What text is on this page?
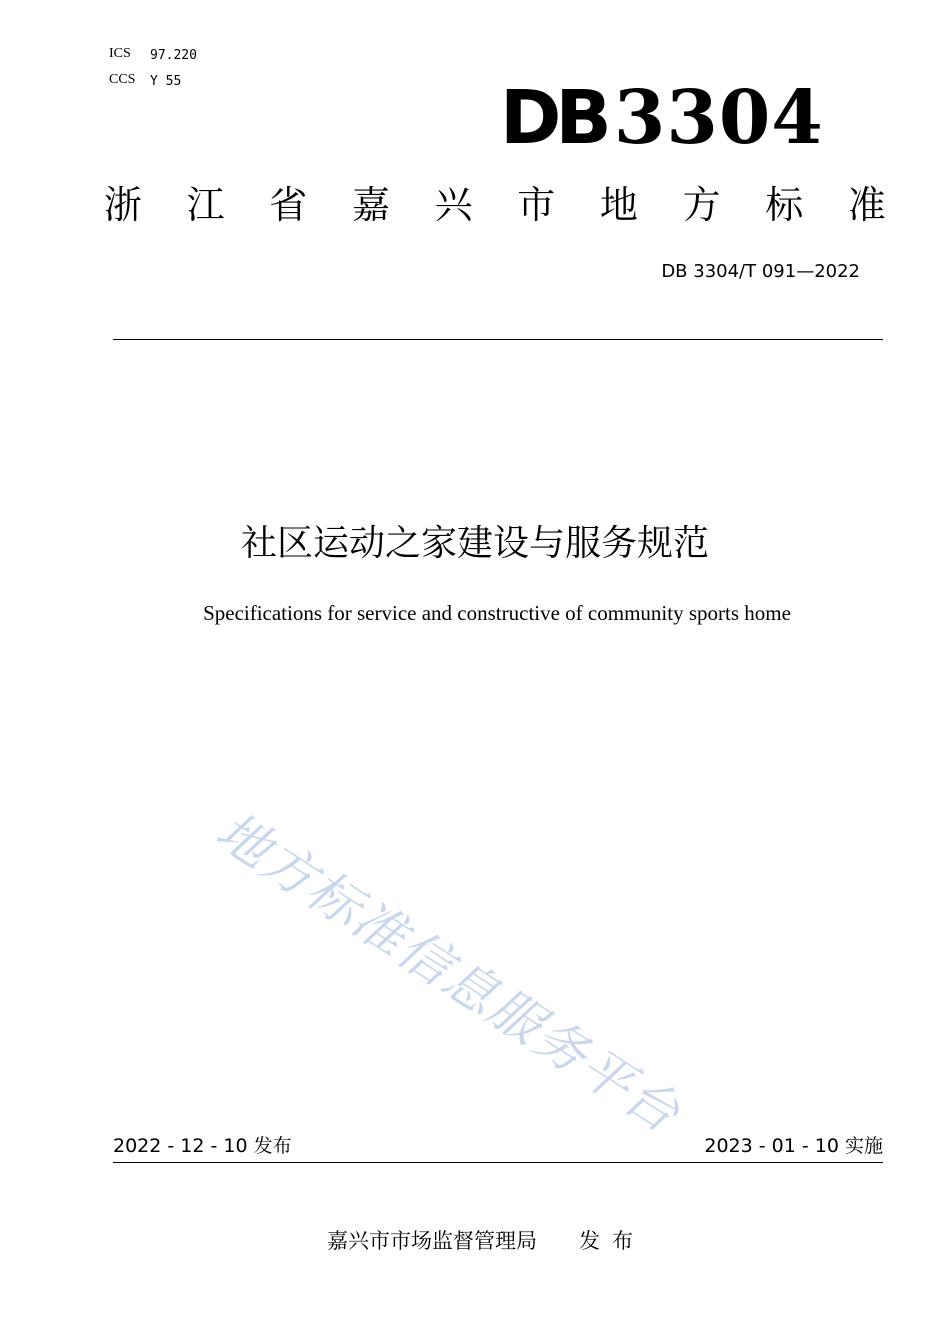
ICS 97.220
CCS Y 55	DB 3304
浙 江 省 嘉 兴 市 地 方 标 准
DB 3304/T 091—2022
社区运动之家建设与服务规范
Specifications for service and constructive of community sports home
地方标准信息服务平台
2022 - 12 - 10 发布	2023 - 01 - 10 实施
嘉兴市市场监督管理局 发布
